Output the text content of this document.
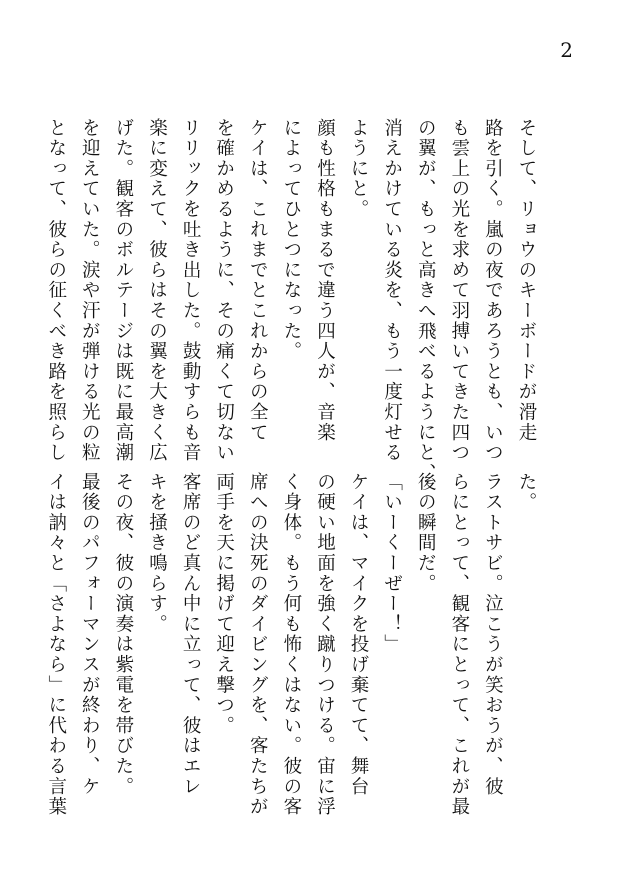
2
そして、リョウのキーボードが滑走
路を引く。嵐の夜であろうとも、いつ
も雲上の光を求めて羽搏いてきた四つ
の翼が、もっと高きへ飛べるようにと、
消えかけている炎を、もう一度灯せる
ようにと。
顔も性格もまるで違う四人が、音楽
によってひとつになった。
ケイは、これまでとこれからの全て
を確かめるように、その痛くて切ない
リリックを吐き出した。鼓動すらも音
楽に変えて、彼らはその翼を大きく広
げた。観客のボルテージは既に最高潮
を迎えていた。涙や汗が弾ける光の粒
となって、彼らの征くべき路を照らし
た。
ラストサビ。泣こうが笑おうが、彼
らにとって、観客にとって、これが最
後の瞬間だ。
「いーくーぜー！」
ケイは、マイクを投げ棄てて、舞台
の硬い地面を強く蹴りつける。宙に浮
く身体。もう何も怖くはない。彼の客
席への決死のダイビングを、客たちが
両手を天に掲げて迎え撃つ。
客席のど真ん中に立って、彼はエレ
キを掻き鳴らす。
その夜、彼の演奏は紫電を帯びた。
最後のパフォーマンスが終わり、ケ
イは訥々と「さよなら」に代わる言葉
